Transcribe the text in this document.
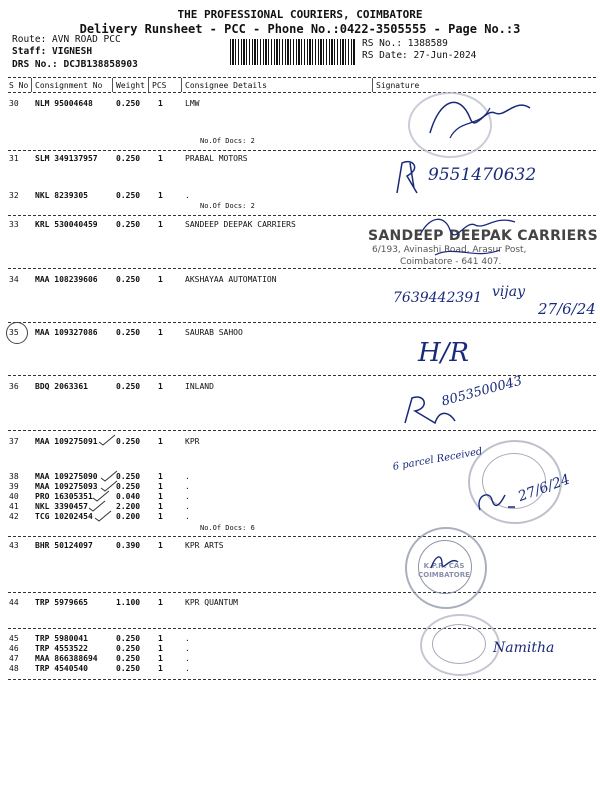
THE PROFESSIONAL COURIERS, COIMBATORE
Delivery Runsheet - PCC - Phone No.:0422-3505555 - Page No.:3
Route: AVN ROAD PCC
Staff: VIGNESH
DRS No.: DCJB138858903
RS No.: 1388589
RS Date: 27-Jun-2024
S No Consignment No Weight PCS Consignee Details	Signature
30 NLM 95004648	0.250 1	LMW
No.Of Docs: 2
31 SLM 349137957 0.250 1	PRABAL MOTORS
32 NKL 8239305	0.250 1	.
No.Of Docs: 2
33 KRL 530040459 0.250 1	SANDEEP DEEPAK CARRIERS
34 MAA 108239606 0.250 1	AKSHAYAA AUTOMATION
35 MAA 109327086 0.250 1	SAURAB SAHOO
36 BDQ 2063361	0.250 1	INLAND
37 MAA 109275091 0.250 1	KPR
38 MAA 109275090 0.250 1	.
39 MAA 109275093 0.250 1	.
40 PRO 16305351	0.040 1	.
41 NKL 3390457	2.200 1	.
42 TCG 10202454	0.200 1	.
No.Of Docs: 6
43 BHR 50124097	0.390 1	KPR ARTS
44 TRP 5979665	1.100 1	KPR QUANTUM
45 TRP 5980041	0.250 1	.
46 TRP 4553522	0.250 1	.
47 MAA 866388694 0.250 1	.
48 TRP 4540540	0.250 1	.
9551470632
SANDEEP DEEPAK CARRIERS
6/193, Avinashi Road, Arasur Post,
Coimbatore - 641 407.
7639442391 vijay
27/6/24
H/R
8053500043
6 parcel Received
27/6/24
K.P.R. CAS COIMBATORE
Namitha
